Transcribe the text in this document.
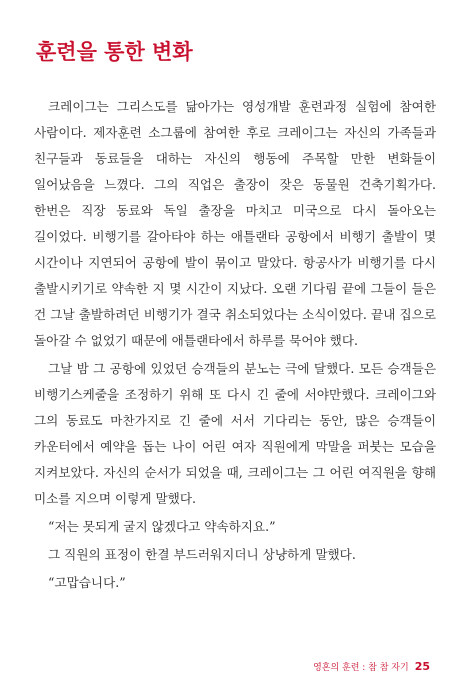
훈련을 통한 변화

크레이그는 그리스도를 닮아가는 영성개발 훈련과정 실험에 참여한 사람이다. 제자훈련 소그룹에 참여한 후로 크레이그는 자신의 가족들과 친구들과 동료들을 대하는 자신의 행동에 주목할 만한 변화들이 일어났음을 느꼈다. 그의 직업은 출장이 잦은 동물원 건축기획가다. 한번은 직장 동료와 독일 출장을 마치고 미국으로 다시 돌아오는 길이었다. 비행기를 갈아타야 하는 애틀랜타 공항에서 비행기 출발이 몇 시간이나 지연되어 공항에 발이 묶이고 말았다. 항공사가 비행기를 다시 출발시키기로 약속한 지 몇 시간이 지났다. 오랜 기다림 끝에 그들이 들은 건 그날 출발하려던 비행기가 결국 취소되었다는 소식이었다. 끝내 집으로 돌아갈 수 없었기 때문에 애틀랜타에서 하루를 묵어야 했다.

그날 밤 그 공항에 있었던 승객들의 분노는 극에 달했다. 모든 승객들은 비행기스케줄을 조정하기 위해 또 다시 긴 줄에 서야만했다. 크레이그와 그의 동료도 마찬가지로 긴 줄에 서서 기다리는 동안, 많은 승객들이 카운터에서 예약을 돕는 나이 어린 여자 직원에게 막말을 퍼붓는 모습을 지켜보았다. 자신의 순서가 되었을 때, 크레이그는 그 어린 여직원을 향해 미소를 지으며 이렇게 말했다.

“저는 못되게 굴지 않겠다고 약속하지요.”

그 직원의 표정이 한결 부드러워지더니 상냥하게 말했다.

“고맙습니다.”

영혼의 훈련 : 참 참 자기 25
